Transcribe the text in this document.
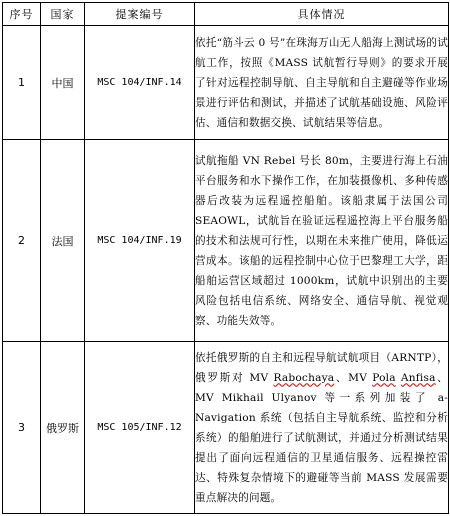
序号	国家	提案编号	具体情况
1	中国	MSC 104/INF.14	依托“筋斗云 0 号”在珠海万山无人船海上测试场的试航工作，按照《MASS 试航暂行导则》的要求开展了针对远程控制导航、自主导航和自主避碰等作业场景进行评估和测试，并描述了试航基础设施、风险评估、通信和数据交换、试航结果等信息。
2	法国	MSC 104/INF.19	试航拖船 VN Rebel 号长 80m，主要进行海上石油平台服务和水下操作工作，在加装摄像机、多种传感器后改装为远程遥控船舶。该船隶属于法国公司 SEAOWL，试航旨在验证远程遥控海上平台服务船的技术和法规可行性，以期在未来推广使用，降低运营成本。该船的远程控制中心位于巴黎理工大学，距船舶运营区域超过 1000km，试航中识别出的主要风险包括电信系统、网络安全、通信导航、视觉观察、功能失效等。
3	俄罗斯	MSC 105/INF.12	依托俄罗斯的自主和远程导航试航项目（ARNTP），俄罗斯对 MV Rabochaya、MV Pola Anfisa、MV Mikhail Ulyanov 等一系列加装了 a-Navigation 系统（包括自主导航系统、监控和分析系统）的船舶进行了试航测试，并通过分析测试结果提出了面向远程通信的卫星通信服务、远程操控雷达、特殊复杂情境下的避碰等当前 MASS 发展需要重点解决的问题。
